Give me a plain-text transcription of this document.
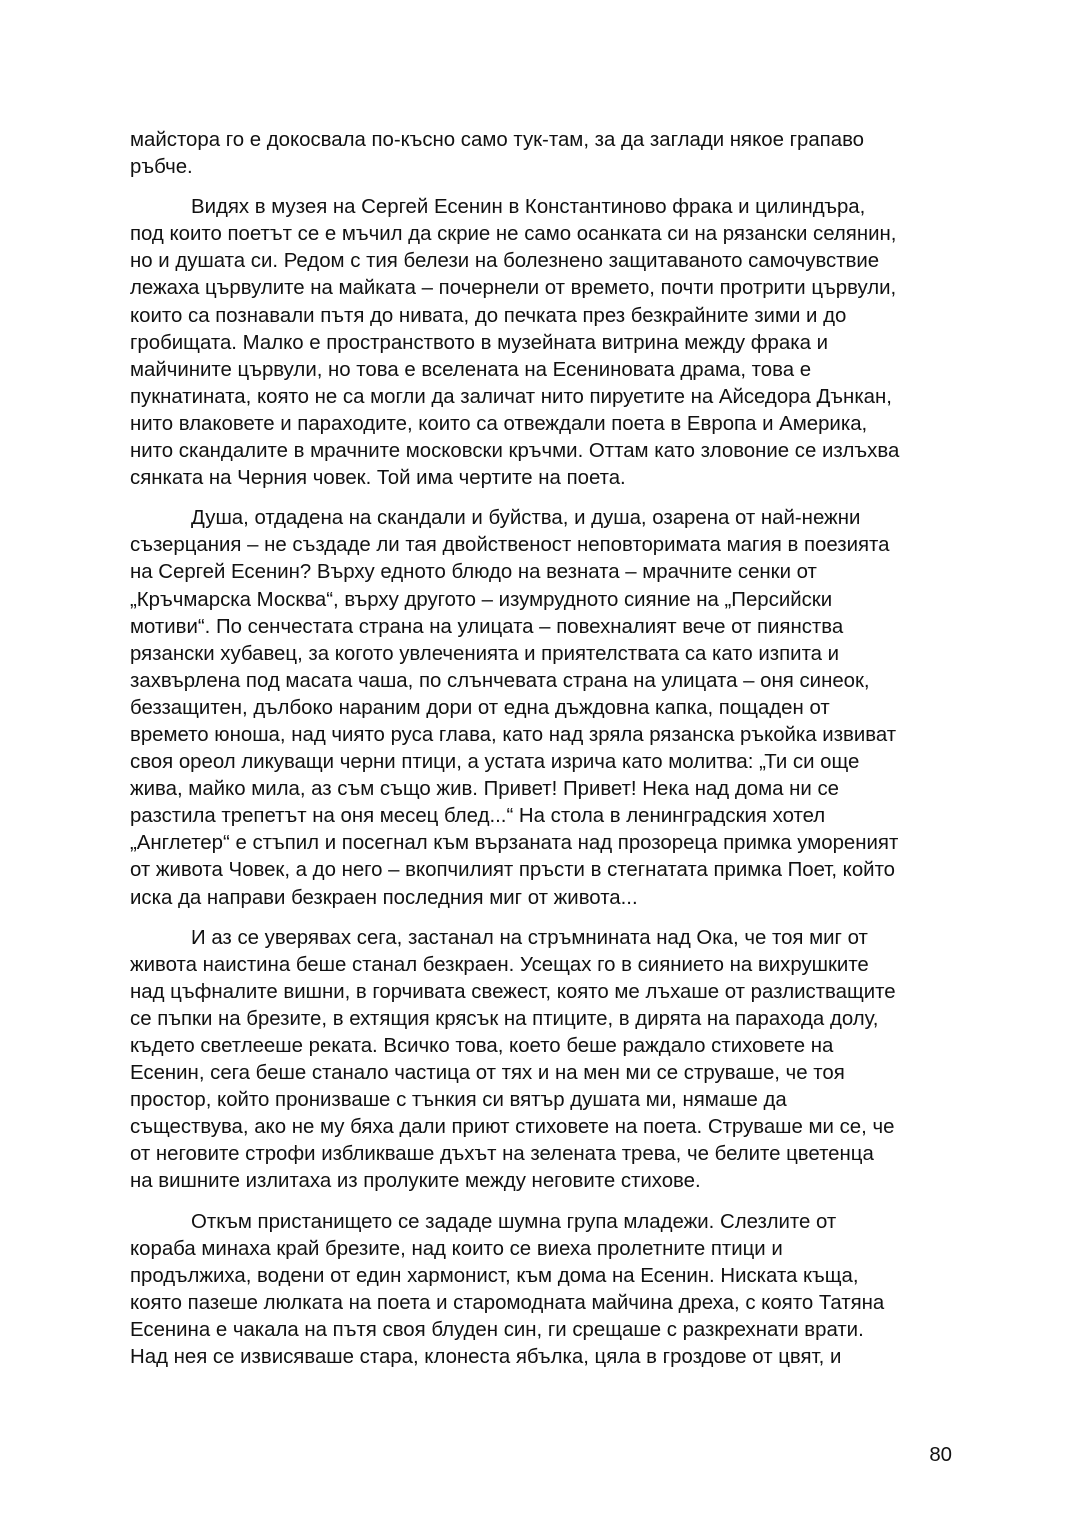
майстора го е докосвала по-късно само тук-там, за да заглади някое грапаво
ръбче.

Видях в музея на Сергей Есенин в Константиново фрака и цилиндъра,
под които поетът се е мъчил да скрие не само осанката си на рязански селянин,
но и душата си. Редом с тия белези на болезнено защитаваното самочувствие
лежаха цървулите на майката – почернели от времето, почти протрити цървули,
които са познавали пътя до нивата, до печката през безкрайните зими и до
гробищата. Малко е пространството в музейната витрина между фрака и
майчините цървули, но това е вселената на Есениновата драма, това е
пукнатината, която не са могли да заличат нито пируетите на Айседора Дънкан,
нито влаковете и параходите, които са отвеждали поета в Европа и Америка,
нито скандалите в мрачните московски кръчми. Оттам като зловоние се излъхва
сянката на Черния човек. Той има чертите на поета.

Душа, отдадена на скандали и буйства, и душа, озарена от най-нежни
съзерцания – не създаде ли тая двойственост неповторимата магия в поезията
на Сергей Есенин? Върху едното блюдо на везната – мрачните сенки от
„Кръчмарска Москва“, върху другото – изумрудното сияние на „Персийски
мотиви“. По сенчестата страна на улицата – повехналият вече от пиянства
рязански хубавец, за когото увлеченията и приятелствата са като изпита и
захвърлена под масата чаша, по слънчевата страна на улицата – оня синеок,
беззащитен, дълбоко нараним дори от една дъждовна капка, пощаден от
времето юноша, над чиято руса глава, като над зряла рязанска ръкойка извиват
своя ореол ликуващи черни птици, а устата изрича като молитва: „Ти си още
жива, майко мила, аз съм също жив. Привет! Привет! Нека над дома ни се
разстила трепетът на оня месец блед...“ На стола в ленинградския хотел
„Англетер“ е стъпил и посегнал към вързаната над прозореца примка умореният
от живота Човек, а до него – вкопчилият пръсти в стегнатата примка Поет, който
иска да направи безкраен последния миг от живота...

И аз се уверявах сега, застанал на стръмнината над Ока, че тоя миг от
живота наистина беше станал безкраен. Усещах го в сиянието на вихрушките
над цъфналите вишни, в горчивата свежест, която ме лъхаше от разлистващите
се пъпки на брезите, в ехтящия крясък на птиците, в дирята на парахода долу,
където светлееше реката. Всичко това, което беше раждало стиховете на
Есенин, сега беше станало частица от тях и на мен ми се струваше, че тоя
простор, който пронизваше с тънкия си вятър душата ми, нямаше да
съществува, ако не му бяха дали приют стиховете на поета. Струваше ми се, че
от неговите строфи избликваше дъхът на зелената трева, че белите цветенца
на вишните излитаха из пролуките между неговите стихове.

Откъм пристанището се зададе шумна група младежи. Слезлите от
кораба минаха край брезите, над които се виеха пролетните птици и
продължиха, водени от един хармонист, към дома на Есенин. Ниската къща,
която пазеше люлката на поета и старомодната майчина дреха, с която Татяна
Есенина е чакала на пътя своя блуден син, ги срещаше с разкрехнати врати.
Над нея се извисяваше стара, клонеста ябълка, цяла в гроздове от цвят, и

80
